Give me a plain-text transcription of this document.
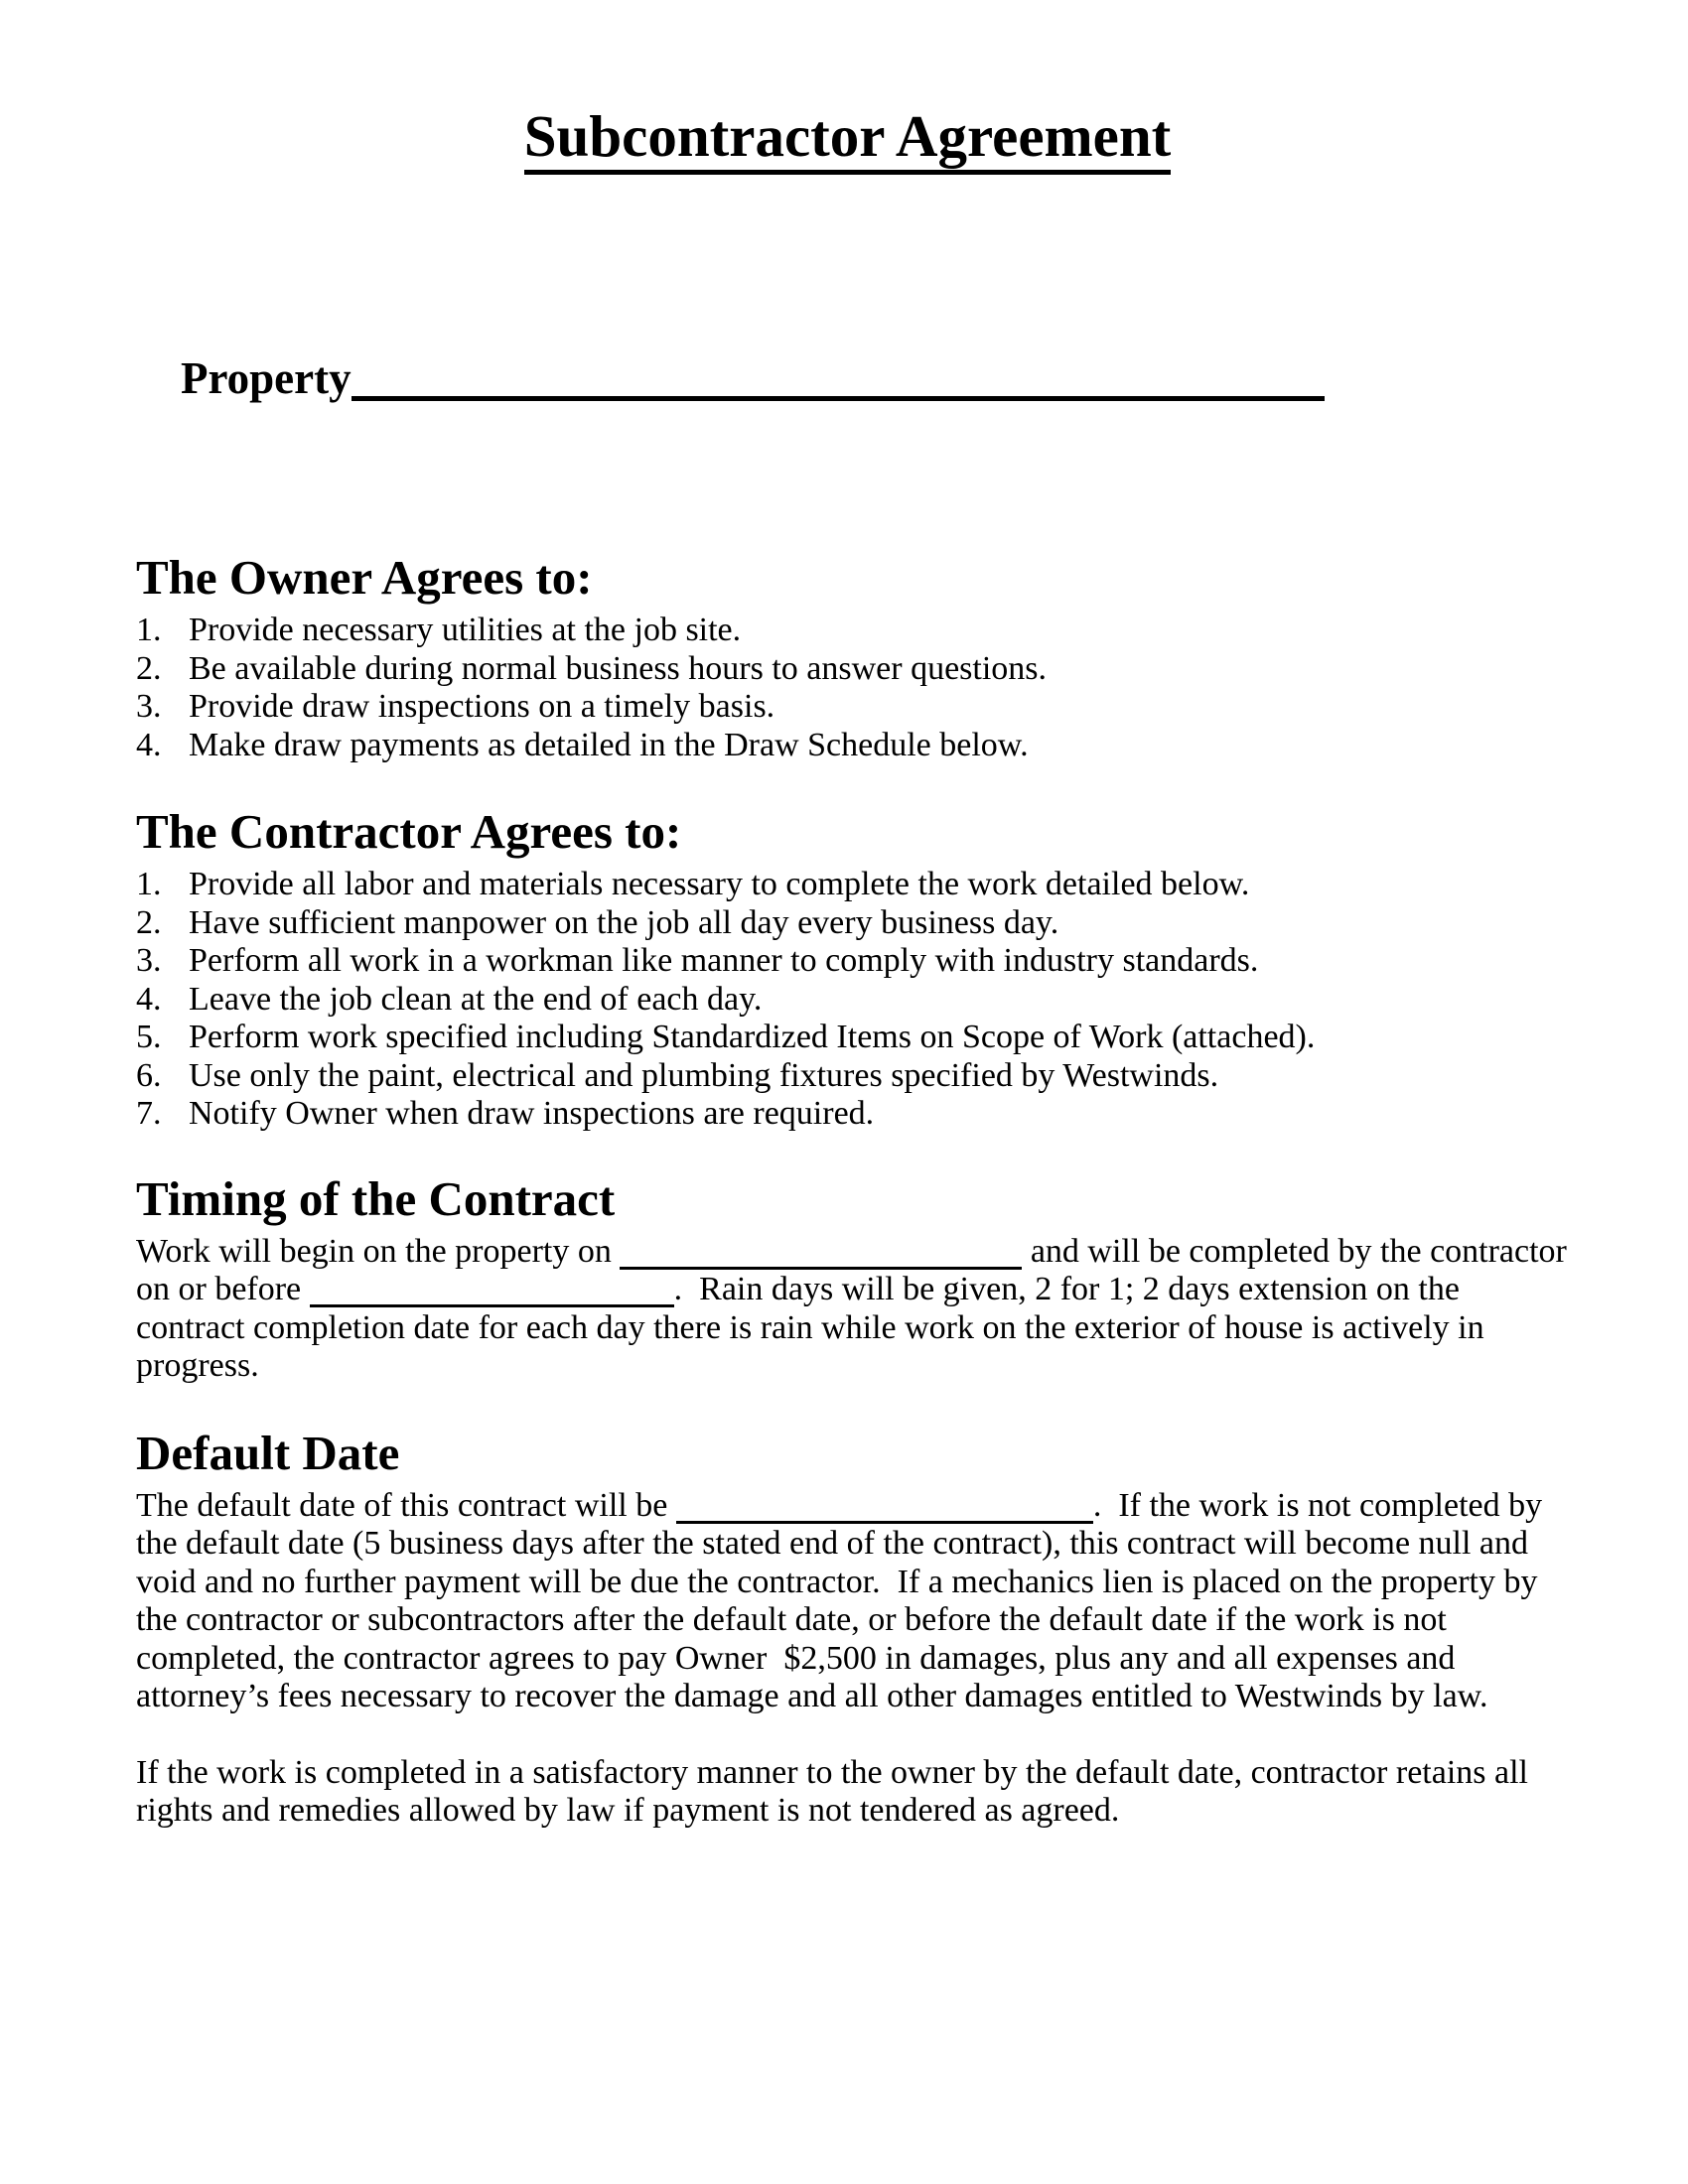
Subcontractor Agreement

Property

The Owner Agrees to:
1. Provide necessary utilities at the job site.
2. Be available during normal business hours to answer questions.
3. Provide draw inspections on a timely basis.
4. Make draw payments as detailed in the Draw Schedule below.
The Contractor Agrees to:
1. Provide all labor and materials necessary to complete the work detailed below.
2. Have sufficient manpower on the job all day every business day.
3. Perform all work in a workman like manner to comply with industry standards.
4. Leave the job clean at the end of each day.
5. Perform work specified including Standardized Items on Scope of Work (attached).
6. Use only the paint, electrical and plumbing fixtures specified by Westwinds.
7. Notify Owner when draw inspections are required.
Timing of the Contract
Work will begin on the property on	and will be completed by the contractor
on or before	.  Rain days will be given, 2 for 1; 2 days extension on the
contract completion date for each day there is rain while work on the exterior of house is actively in
progress.
Default Date
The default date of this contract will be	.  If the work is not completed by
the default date (5 business days after the stated end of the contract), this contract will become null and
void and no further payment will be due the contractor.  If a mechanics lien is placed on the property by
the contractor or subcontractors after the default date, or before the default date if the work is not
completed, the contractor agrees to pay Owner  $2,500 in damages, plus any and all expenses and
attorney’s fees necessary to recover the damage and all other damages entitled to Westwinds by law.
If the work is completed in a satisfactory manner to the owner by the default date, contractor retains all
rights and remedies allowed by law if payment is not tendered as agreed.
